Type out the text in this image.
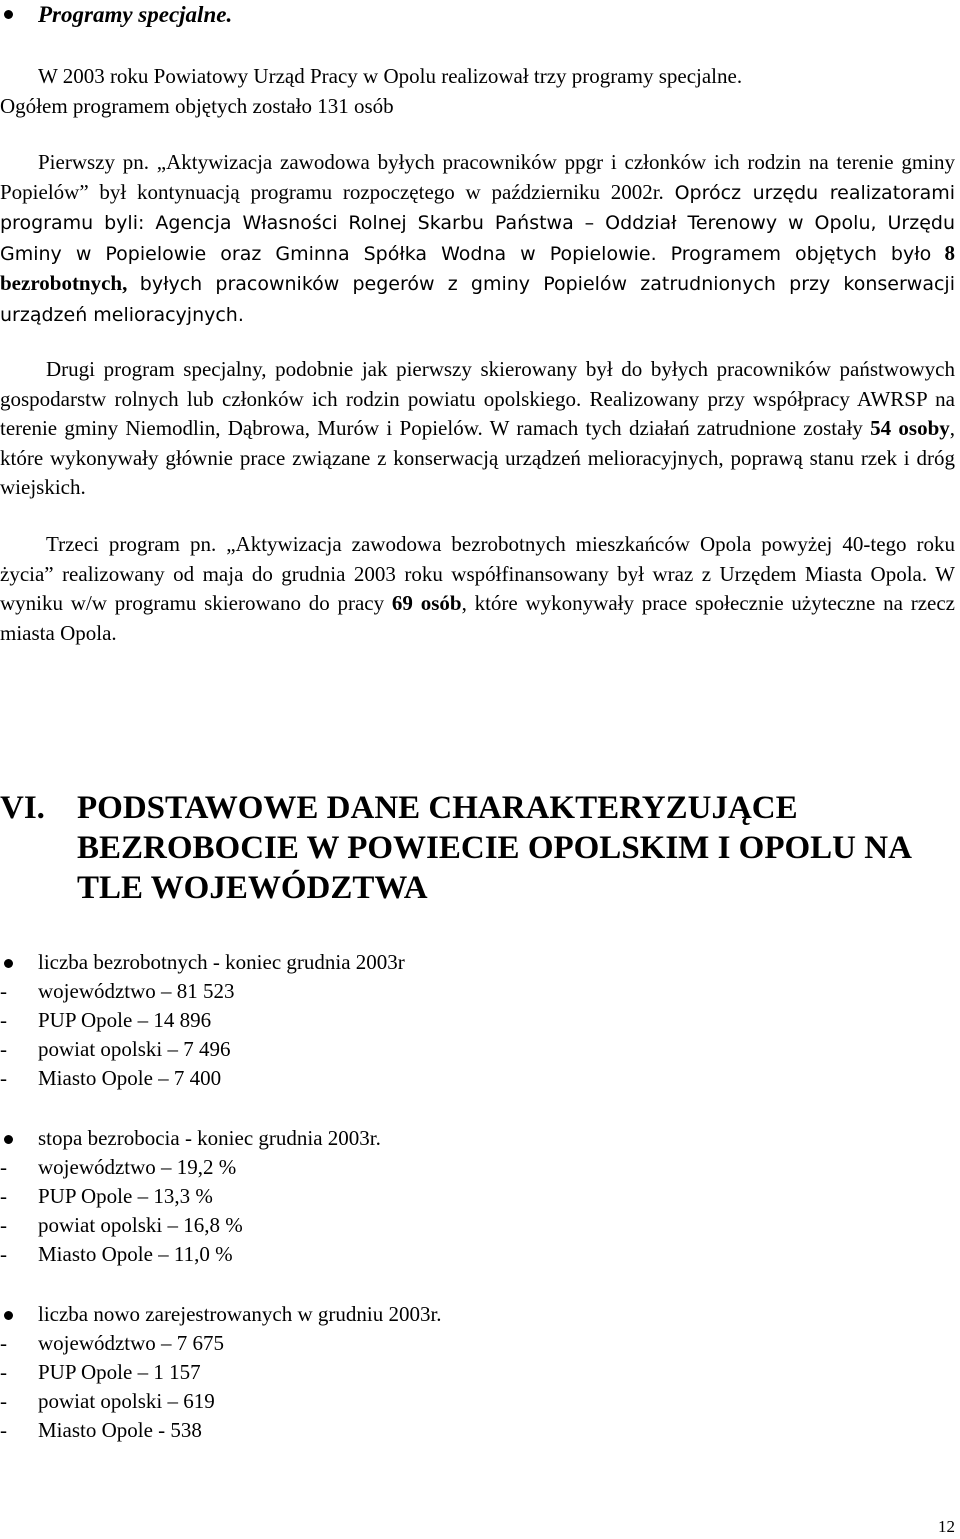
Programy specjalne.
W 2003 roku Powiatowy Urząd Pracy w Opolu realizował trzy programy specjalne.
Ogółem programem objętych zostało 131 osób
Pierwszy pn. „Aktywizacja zawodowa byłych pracowników ppgr i członków ich rodzin na terenie gminy Popielów” był kontynuacją programu rozpoczętego w październiku 2002r. Oprócz urzędu realizatorami programu byli: Agencja Własności Rolnej Skarbu Państwa – Oddział Terenowy w Opolu, Urzędu Gminy w Popielowie oraz Gminna Spółka Wodna w Popielowie. Programem objętych było 8 bezrobotnych, byłych pracowników pegerów z gminy Popielów zatrudnionych przy konserwacji urządzeń melioracyjnych.
Drugi program specjalny, podobnie jak pierwszy skierowany był do byłych pracowników państwowych gospodarstw rolnych lub członków ich rodzin powiatu opolskiego. Realizowany przy współpracy AWRSP na terenie gminy Niemodlin, Dąbrowa, Murów i Popielów. W ramach tych działań zatrudnione zostały 54 osoby, które wykonywały głównie prace związane z konserwacją urządzeń melioracyjnych, poprawą stanu rzek i dróg wiejskich.
Trzeci program pn. „Aktywizacja zawodowa bezrobotnych mieszkańców Opola powyżej 40-tego roku życia” realizowany od maja do grudnia 2003 roku współfinansowany był wraz z Urzędem Miasta Opola. W wyniku w/w programu skierowano do pracy 69 osób, które wykonywały prace społecznie użyteczne na rzecz miasta Opola.
VI. PODSTAWOWE DANE CHARAKTERYZUJĄCE
BEZROBOCIE W POWIECIE OPOLSKIM I OPOLU NA
TLE WOJEWÓDZTWA
liczba bezrobotnych - koniec grudnia 2003r
- województwo – 81 523
- PUP Opole – 14 896
- powiat opolski – 7 496
- Miasto Opole – 7 400
stopa bezrobocia - koniec grudnia 2003r.
- województwo – 19,2 %
- PUP Opole – 13,3 %
- powiat opolski – 16,8 %
- Miasto Opole – 11,0 %
liczba nowo zarejestrowanych w grudniu 2003r.
- województwo – 7 675
- PUP Opole – 1 157
- powiat opolski – 619
- Miasto Opole - 538
12
